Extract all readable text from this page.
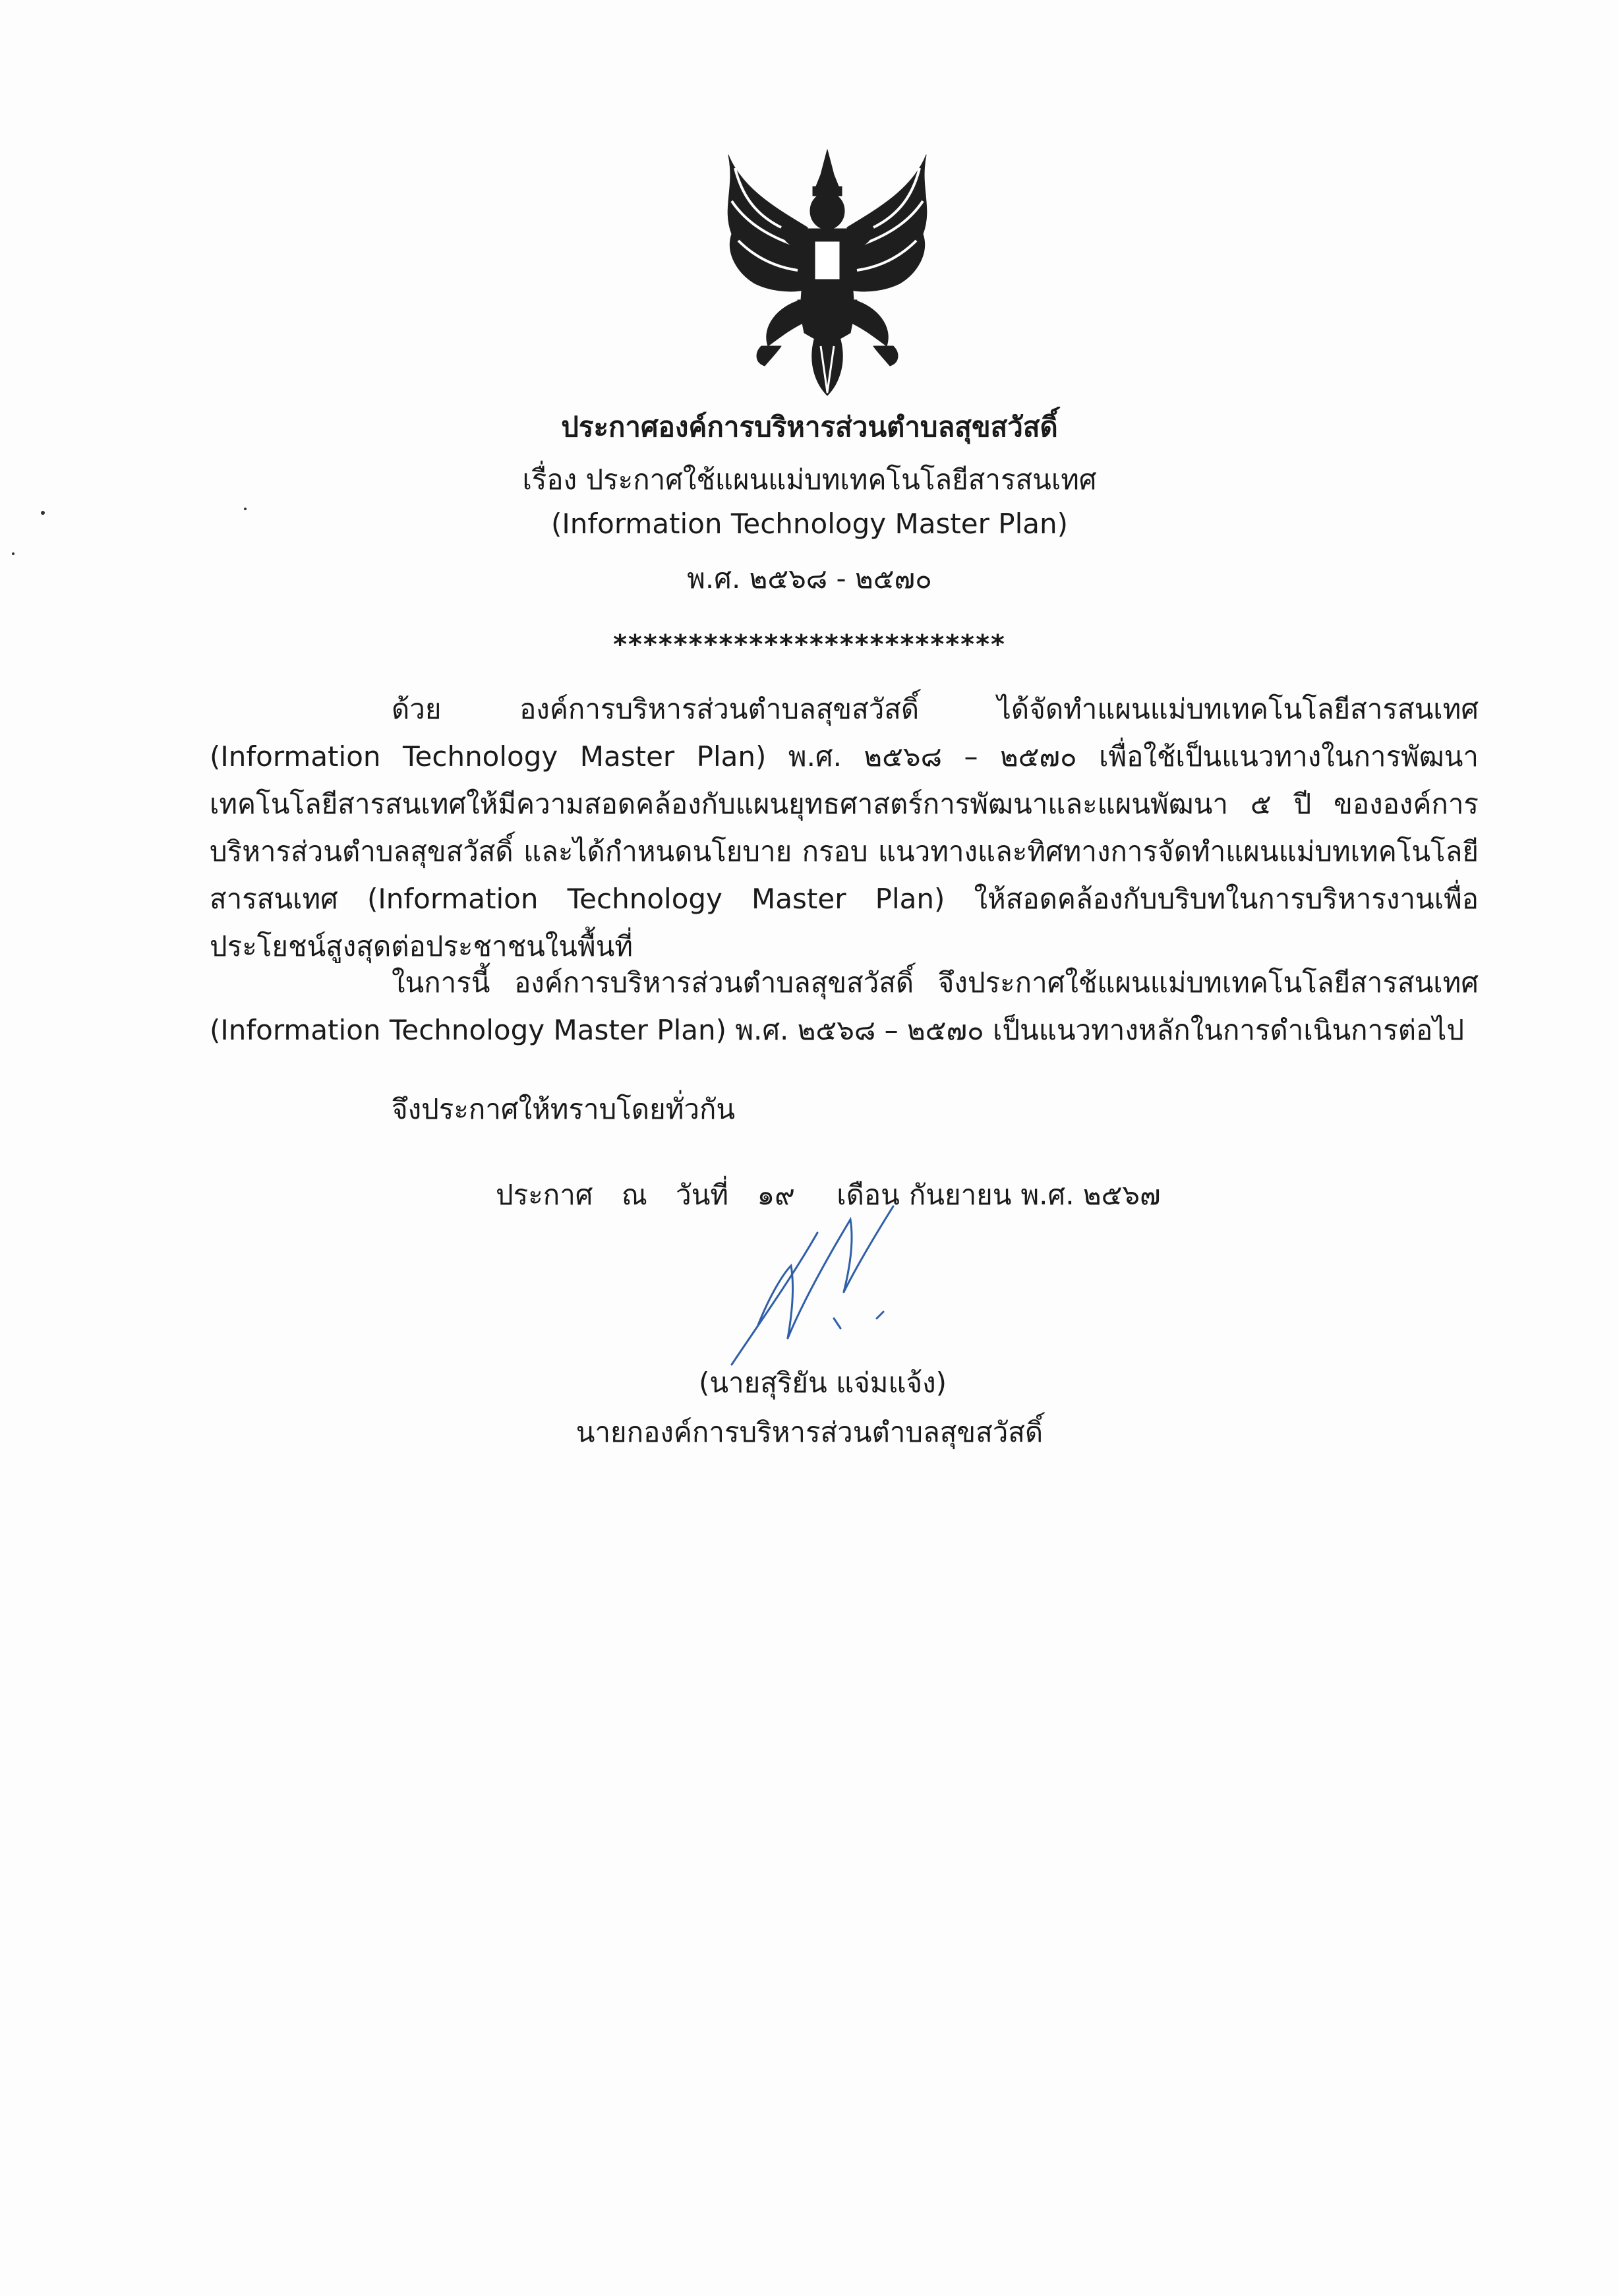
ประกาศองค์การบริหารส่วนตำบลสุขสวัสดิ์
เรื่อง ประกาศใช้แผนแม่บทเทคโนโลยีสารสนเทศ
(Information Technology Master Plan)
พ.ศ. ๒๕๖๘ - ๒๕๗๐
**************************
ด้วย องค์การบริหารส่วนตำบลสุขสวัสดิ์ ได้จัดทำแผนแม่บทเทคโนโลยีสารสนเทศ (Information Technology Master Plan) พ.ศ. ๒๕๖๘ – ๒๕๗๐ เพื่อใช้เป็นแนวทางในการพัฒนาเทคโนโลยีสารสนเทศให้มีความสอดคล้องกับแผนยุทธศาสตร์การพัฒนาและแผนพัฒนา ๕ ปี ขององค์การบริหารส่วนตำบลสุขสวัสดิ์ และได้กำหนดนโยบาย กรอบ แนวทางและทิศทางการจัดทำแผนแม่บทเทคโนโลยีสารสนเทศ (Information Technology Master Plan) ให้สอดคล้องกับบริบทในการบริหารงานเพื่อประโยชน์สูงสุดต่อประชาชนในพื้นที่
ในการนี้ องค์การบริหารส่วนตำบลสุขสวัสดิ์ จึงประกาศใช้แผนแม่บทเทคโนโลยีสารสนเทศ (Information Technology Master Plan) พ.ศ. ๒๕๖๘ – ๒๕๗๐ เป็นแนวทางหลักในการดำเนินการต่อไป
จึงประกาศให้ทราบโดยทั่วกัน
ประกาศ ณ วันที่ ๑๙ เดือน กันยายน พ.ศ. ๒๕๖๗
(นายสุริยัน แจ่มแจ้ง)
นายกองค์การบริหารส่วนตำบลสุขสวัสดิ์
